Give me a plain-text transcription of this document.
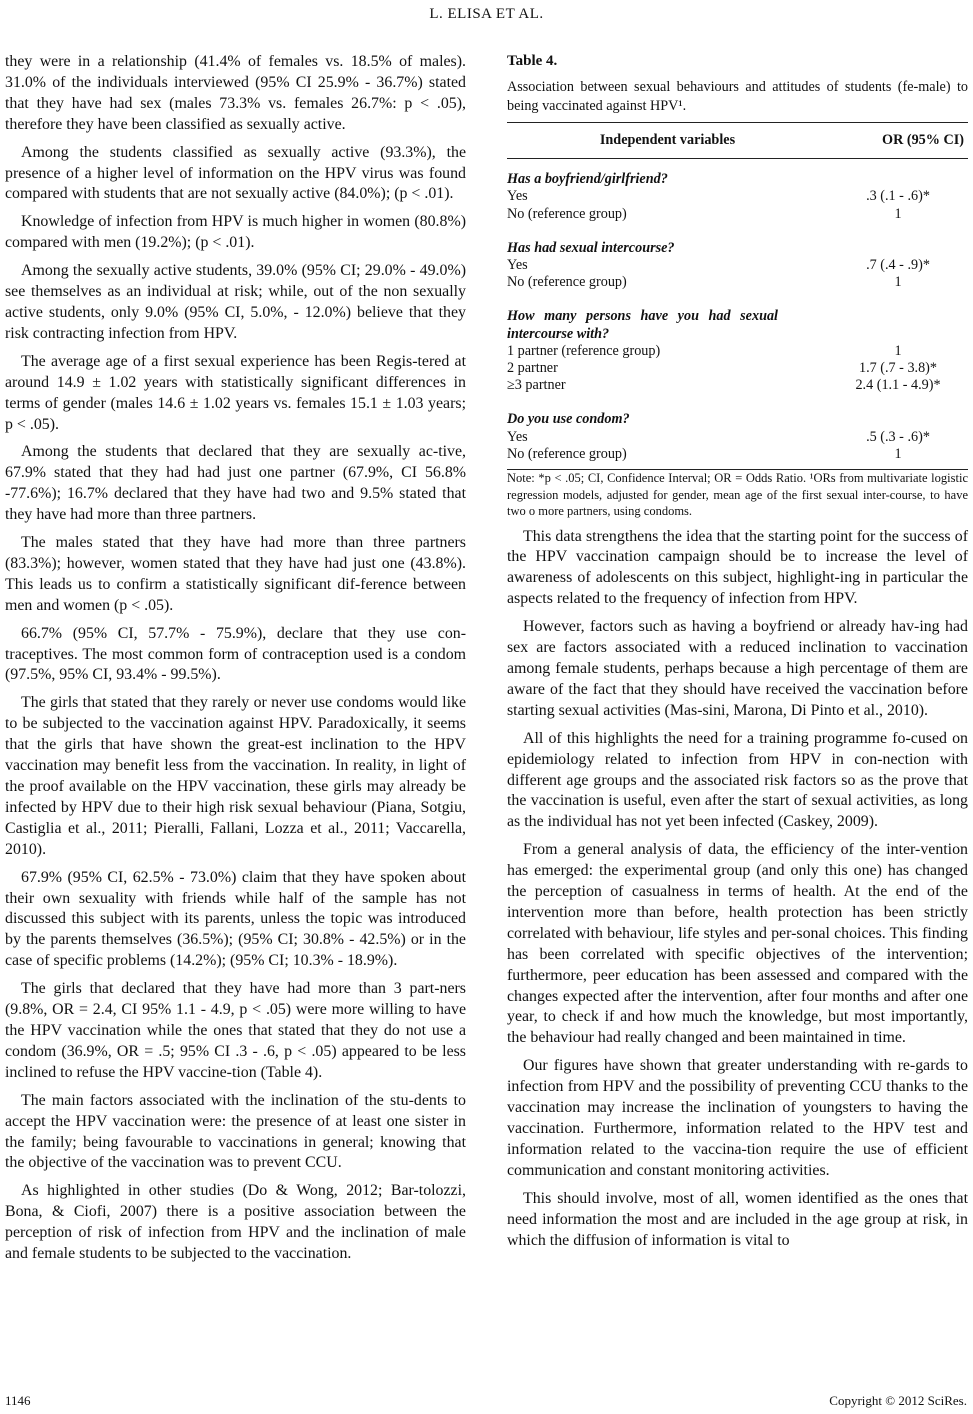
L. ELISA ET AL.

they were in a relationship (41.4% of females vs. 18.5% of males). 31.0% of the individuals interviewed (95% CI 25.9% - 36.7%) stated that they have had sex (males 73.3% vs. females 26.7%: p < .05), therefore they have been classified as sexually active.

Among the students classified as sexually active (93.3%), the presence of a higher level of information on the HPV virus was found compared with students that are not sexually active (84.0%); (p < .01).

Knowledge of infection from HPV is much higher in women (80.8%) compared with men (19.2%); (p < .01).

Among the sexually active students, 39.0% (95% CI; 29.0% - 49.0%) see themselves as an individual at risk; while, out of the non sexually active students, only 9.0% (95% CI, 5.0%, - 12.0%) believe that they risk contracting infection from HPV.

The average age of a first sexual experience has been Regis-tered at around 14.9 ± 1.02 years with statistically significant differences in terms of gender (males 14.6 ± 1.02 years vs. females 15.1 ± 1.03 years; p < .05).

Among the students that declared that they are sexually ac-tive, 67.9% stated that they had had just one partner (67.9%, CI 56.8% -77.6%); 16.7% declared that they have had two and 9.5% stated that they have had more than three partners.

The males stated that they have had more than three partners (83.3%); however, women stated that they have had just one (43.8%). This leads us to confirm a statistically significant dif-ference between men and women (p < .05).

66.7% (95% CI, 57.7% - 75.9%), declare that they use con-traceptives. The most common form of contraception used is a condom (97.5%, 95% CI, 93.4% - 99.5%).

The girls that stated that they rarely or never use condoms would like to be subjected to the vaccination against HPV. Paradoxically, it seems that the girls that have shown the great-est inclination to the HPV vaccination may benefit less from the vaccination. In reality, in light of the proof available on the HPV vaccination, these girls may already be infected by HPV due to their high risk sexual behaviour (Piana, Sotgiu, Castiglia et al., 2011; Pieralli, Fallani, Lozza et al., 2011; Vaccarella, 2010).

67.9% (95% CI, 62.5% - 73.0%) claim that they have spoken about their own sexuality with friends while half of the sample has not discussed this subject with its parents, unless the topic was introduced by the parents themselves (36.5%); (95% CI; 30.8% - 42.5%) or in the case of specific problems (14.2%); (95% CI; 10.3% - 18.9%).

The girls that declared that they have had more than 3 part-ners (9.8%, OR = 2.4, CI 95% 1.1 - 4.9, p < .05) were more willing to have the HPV vaccination while the ones that stated that they do not use a condom (36.9%, OR = .5; 95% CI .3 - .6, p < .05) appeared to be less inclined to refuse the HPV vaccine-tion (Table 4).

The main factors associated with the inclination of the stu-dents to accept the HPV vaccination were: the presence of at least one sister in the family; being favourable to vaccinations in general; knowing that the objective of the vaccination was to prevent CCU.

As highlighted in other studies (Do & Wong, 2012; Bar-tolozzi, Bona, & Ciofi, 2007) there is a positive association between the perception of risk of infection from HPV and the inclination of male and female students to be subjected to the vaccination.

Table 4.

Association between sexual behaviours and attitudes of students (fe-male) to being vaccinated against HPV¹.

Independent variables	OR (95% CI)

Has a boyfriend/girlfriend?	
Yes	.3 (.1 - .6)*
No (reference group)	1

Has had sexual intercourse?	
Yes	.7 (.4 - .9)*
No (reference group)	1

How many persons have you had sexual intercourse with?	
1 partner (reference group)	1
2 partner	1.7 (.7 - 3.8)*
≥3 partner	2.4 (1.1 - 4.9)*

Do you use condom?	
Yes	.5 (.3 - .6)*
No (reference group)	1

Note: *p < .05; CI, Confidence Interval; OR = Odds Ratio. ¹ORs from multivariate logistic regression models, adjusted for gender, mean age of the first sexual inter-course, to have two o more partners, using condoms.

This data strengthens the idea that the starting point for the success of the HPV vaccination campaign should be to increase the level of awareness of adolescents on this subject, highlight-ing in particular the aspects related to the frequency of infection from HPV.

However, factors such as having a boyfriend or already hav-ing had sex are factors associated with a reduced inclination to vaccination among female students, perhaps because a high percentage of them are aware of the fact that they should have received the vaccination before starting sexual activities (Mas-sini, Marona, Di Pinto et al., 2010).

All of this highlights the need for a training programme fo-cused on epidemiology related to infection from HPV in con-nection with different age groups and the associated risk factors so as the prove that the vaccination is useful, even after the start of sexual activities, as long as the individual has not yet been infected (Caskey, 2009).

From a general analysis of data, the efficiency of the inter-vention has emerged: the experimental group (and only this one) has changed the perception of casualness in terms of health. At the end of the intervention more than before, health protection has been strictly correlated with behaviour, life styles and per-sonal choices. This finding has been correlated with specific objectives of the intervention; furthermore, peer education has been assessed and compared with the changes expected after the intervention, after four months and after one year, to check if and how much the knowledge, but most importantly, the behaviour had really changed and been maintained in time.

Our figures have shown that greater understanding with re-gards to infection from HPV and the possibility of preventing CCU thanks to the vaccination may increase the inclination of youngsters to having the vaccination. Furthermore, information related to the HPV test and information related to the vaccina-tion require the use of efficient communication and constant monitoring activities.

This should involve, most of all, women identified as the ones that need information the most and are included in the age group at risk, in which the diffusion of information is vital to

1146	Copyright © 2012 SciRes.
